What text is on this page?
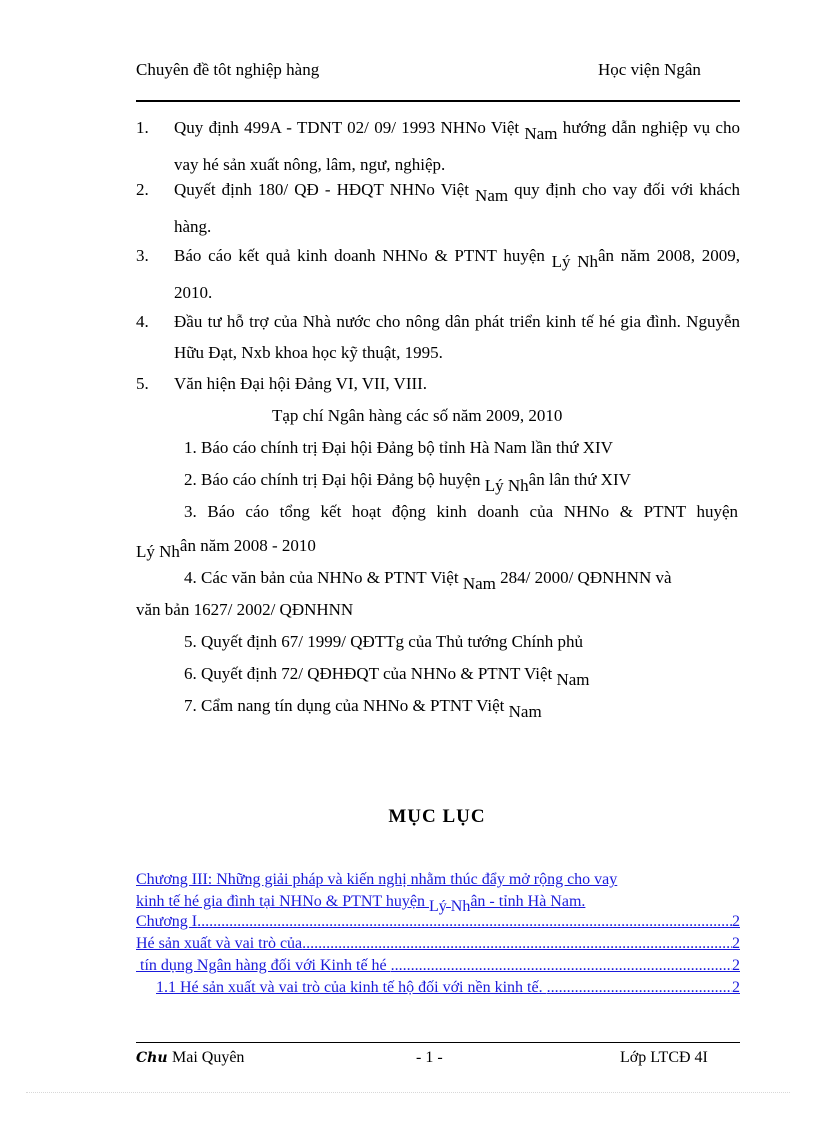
Chuyên đề tôt nghiệp hàng	Học viện Ngân
1. Quy định 499A - TDNT 02/ 09/ 1993 NHNo Việt Nam hướng dẫn nghiệp vụ cho vay hé sản xuất nông, lâm, ngư, nghiệp.
2. Quyết định 180/ QĐ - HĐQT NHNo Việt Nam quy định cho vay đối với khách hàng.
3. Báo cáo kết quả kinh doanh NHNo & PTNT huyện Lý Nhân năm 2008, 2009, 2010.
4. Đầu tư hỗ trợ của Nhà nước cho nông dân phát triển kinh tế hé gia đình. Nguyễn Hữu Đạt, Nxb khoa học kỹ thuật, 1995.
5. Văn hiện Đại hội Đảng VI, VII, VIII.
Tạp chí Ngân hàng các số năm 2009, 2010
1. Báo cáo chính trị Đại hội Đảng bộ tỉnh Hà Nam lần thứ XIV
2. Báo cáo chính trị Đại hội Đảng bộ huyện Lý Nhân lân thứ XIV
3. Báo cáo tổng kết hoạt động kinh doanh của NHNo & PTNT huyện
Lý Nhân năm 2008 - 2010
4. Các văn bản của NHNo & PTNT Việt Nam 284/ 2000/ QĐNHNN và
văn bản 1627/ 2002/ QĐNHNN
5. Quyết định 67/ 1999/ QĐTTg của Thủ tướng Chính phủ
6. Quyết định 72/ QĐHĐQT của NHNo & PTNT Việt Nam
7. Cẩm nang tín dụng của NHNo & PTNT Việt Nam
MỤC LỤC
Chương III: Những giải pháp và kiến nghị nhằm thúc đẩy mở rộng cho vay
kinh tế hé gia đình tại NHNo & PTNT huyện Lý Nhân - tỉnh Hà Nam.
Chương I .....	2
Hé sản xuất và vai trò của .....	2
tín dụng Ngân hàng đối với Kinh tế hé .....	2
1.1 Hé sản xuất và vai trò của kinh tế hộ đối với nền kinh tế. .....	2
Chu Mai Quyên	- 1 -	Lớp LTCĐ 4I
